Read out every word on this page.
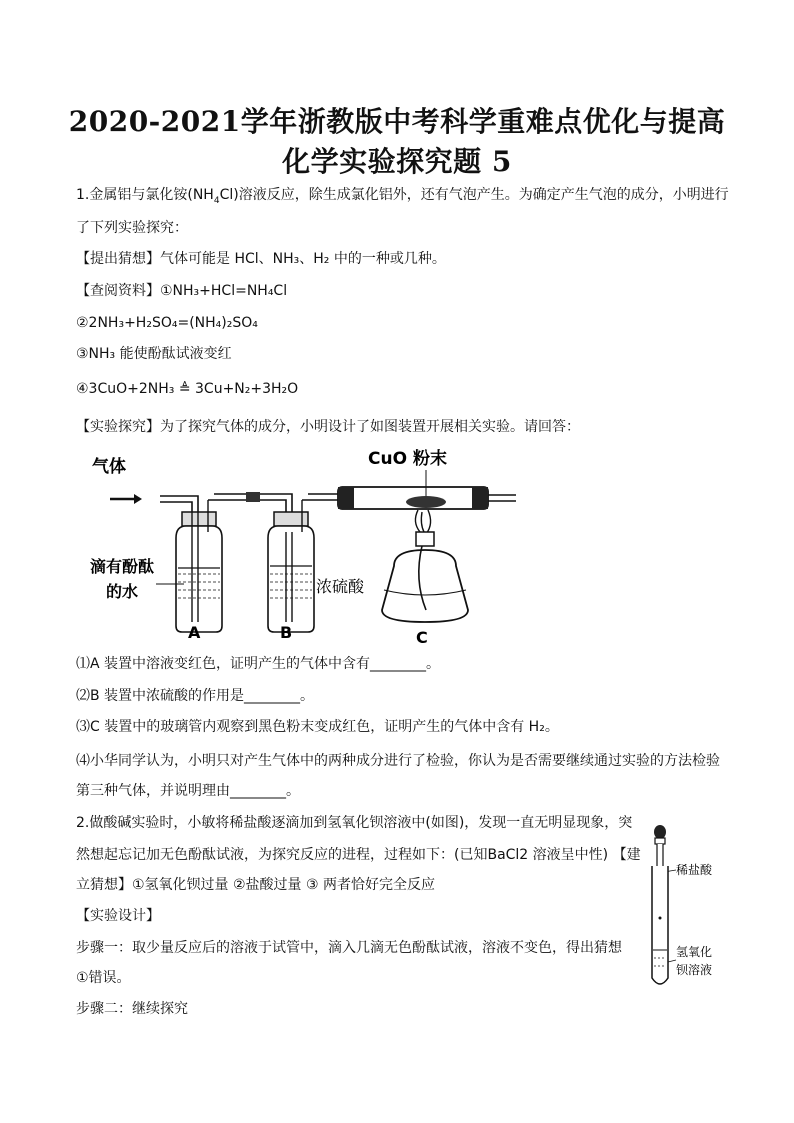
2020-2021学年浙教版中考科学重难点优化与提高
化学实验探究题 5
1.金属铝与氯化铵$(NH_4Cl)$溶液反应，除生成氯化铝外，还有气泡产生。为确定产生气泡的成分，小明进行
了下列实验探究：
【提出猜想】气体可能是 HCl、NH₃、H₂ 中的一种或几种。
【查阅资料】①NH₃+HCl=NH₄Cl
②2NH₃+H₂SO₄=(NH₄)₂SO₄
③NH₃ 能使酚酞试液变红
④3CuO+2NH₃ ≜ 3Cu+N₂+3H₂O
【实验探究】为了探究气体的成分，小明设计了如图装置开展相关实验。请回答：
气体
滴有酚酞
的水	浓硫酸
CuO 粉末
A	B	C
⑴A 装置中溶液变红色，证明产生的气体中含有________。
⑵B 装置中浓硫酸的作用是________。
⑶C 装置中的玻璃管内观察到黑色粉末变成红色，证明产生的气体中含有 H₂。
⑷小华同学认为，小明只对产生气体中的两种成分进行了检验，你认为是否需要继续通过实验的方法检验
第三种气体，并说明理由________。
2.做酸碱实验时，小敏将稀盐酸逐滴加到氢氧化钡溶液中(如图)，发现一直无明显现象，突
然想起忘记加无色酚酞试液，为探究反应的进程，过程如下：(已知BaCl2 溶液呈中性) 【建
立猜想】①氢氧化钡过量 ②盐酸过量 ③ 两者恰好完全反应
【实验设计】
步骤一：取少量反应后的溶液于试管中，滴入几滴无色酚酞试液，溶液不变色，得出猜想
①错误。
步骤二：继续探究
稀盐酸
氢氧化
钡溶液
